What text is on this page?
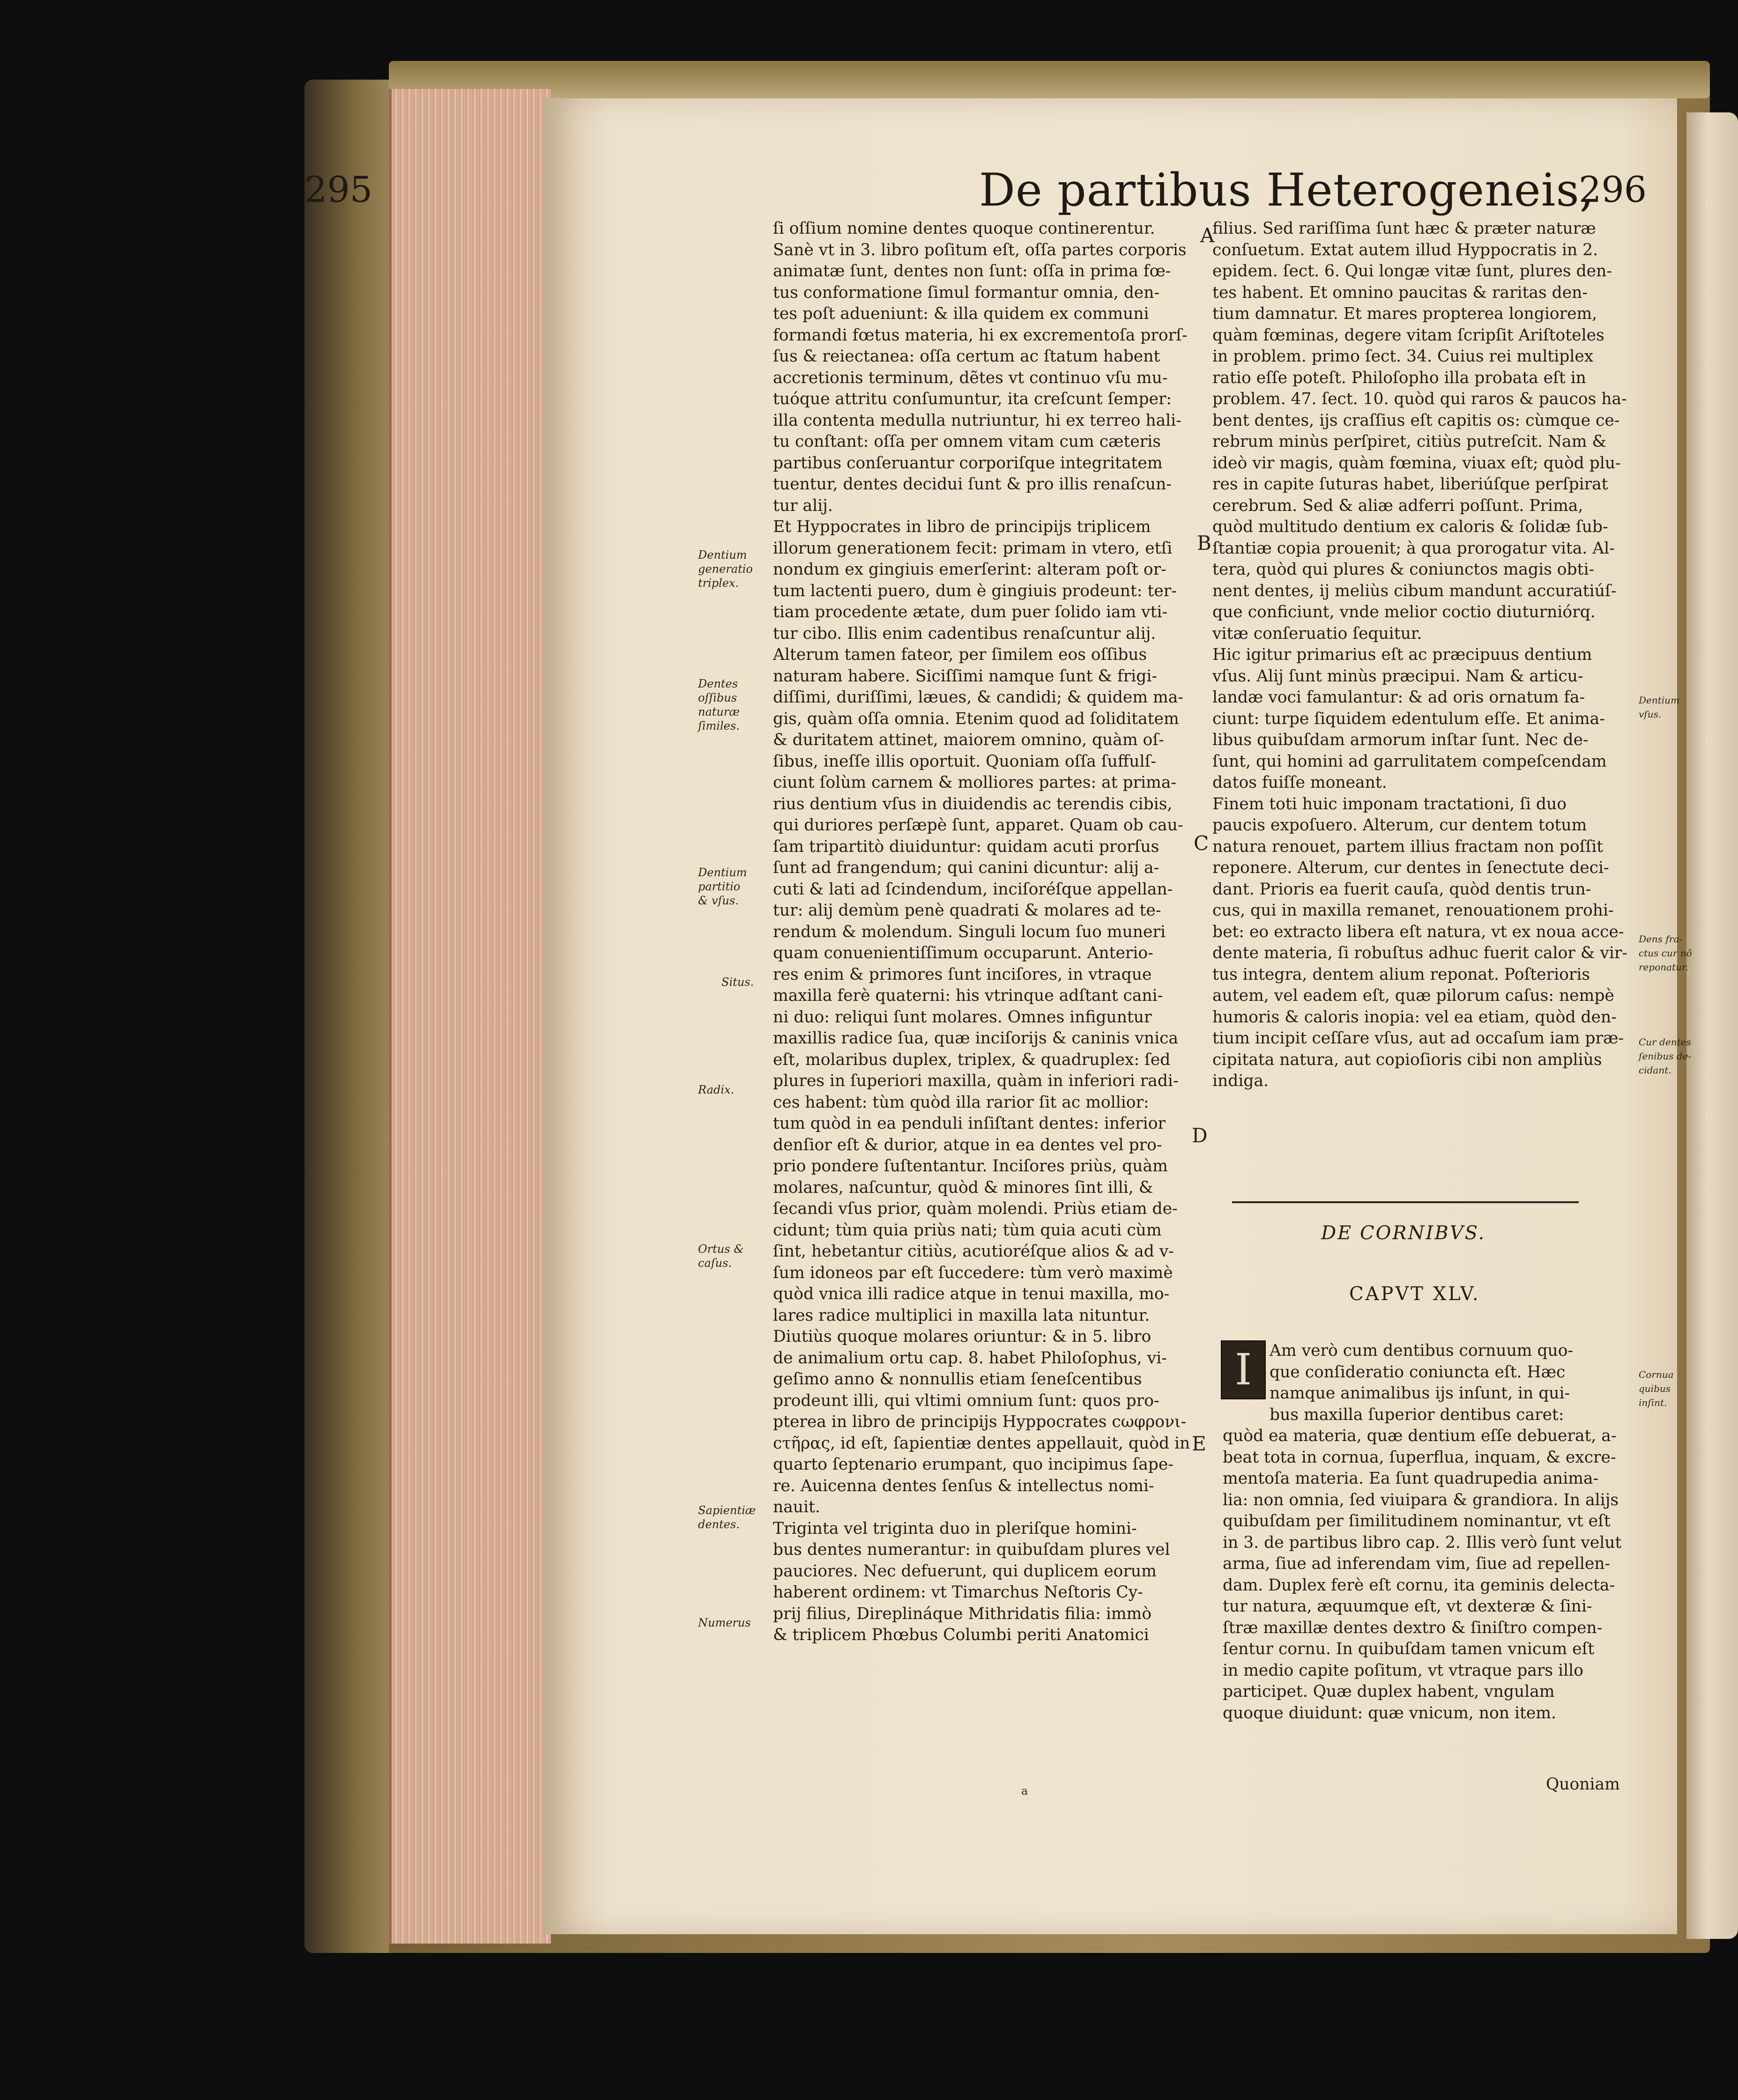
295	De partibus Heterogeneis,
296
ſi oſſium nomine dentes quoque continerentur.
Sanè vt in 3. libro poſitum eſt, oſſa partes corporis
animatæ ſunt, dentes non ſunt: oſſa in prima fœ-
tus conformatione ſimul formantur omnia, den-
tes poſt adueniunt: & illa quidem ex communi
formandi fœtus materia, hi ex excrementoſa prorſ-
ſus & reiectanea: oſſa certum ac ſtatum habent
accretionis terminum, dẽtes vt continuo vſu mu-
tuóque attritu conſumuntur, ita creſcunt ſemper:
illa contenta medulla nutriuntur, hi ex terreo hali-
tu conſtant: oſſa per omnem vitam cum cæteris
partibus conſeruantur corporiſque integritatem
tuentur, dentes decidui ſunt & pro illis renaſcun-
tur alij.
Et Hyppocrates in libro de principijs triplicem
illorum generationem fecit: primam in vtero, etſi
nondum ex gingiuis emerſerint: alteram poſt or-
tum lactenti puero, dum è gingiuis prodeunt: ter-
tiam procedente ætate, dum puer ſolido iam vti-
tur cibo. Illis enim cadentibus renaſcuntur alij.
Alterum tamen fateor, per ſimilem eos oſſibus
naturam habere. Siciſſimi namque ſunt & frigi-
diſſimi, duriſſimi, læues, & candidi; & quidem ma-
gis, quàm oſſa omnia. Etenim quod ad ſoliditatem
& duritatem attinet, maiorem omnino, quàm oſ-
ſibus, ineſſe illis oportuit. Quoniam oſſa ſuffulſ-
ciunt ſolùm carnem & molliores partes: at prima-
rius dentium vſus in diuidendis ac terendis cibis,
qui duriores perſæpè ſunt, apparet. Quam ob cau-
ſam tripartitò diuiduntur: quidam acuti prorſus
ſunt ad frangendum; qui canini dicuntur: alij a-
cuti & lati ad ſcindendum, inciſoréſque appellan-
tur: alij demùm penè quadrati & molares ad te-
rendum & molendum. Singuli locum ſuo muneri
quam conuenientiſſimum occuparunt. Anterio-
res enim & primores ſunt inciſores, in vtraque
maxilla ferè quaterni: his vtrinque adſtant cani-
ni duo: reliqui ſunt molares. Omnes infiguntur
maxillis radice ſua, quæ inciſorijs & caninis vnica
eſt, molaribus duplex, triplex, & quadruplex: ſed
plures in ſuperiori maxilla, quàm in inferiori radi-
ces habent: tùm quòd illa rarior ſit ac mollior:
tum quòd in ea penduli inſiſtant dentes: inferior
denſior eſt & durior, atque in ea dentes vel pro-
prio pondere ſuſtentantur. Inciſores priùs, quàm
molares, naſcuntur, quòd & minores ſint illi, &
ſecandi vſus prior, quàm molendi. Priùs etiam de-
cidunt; tùm quia priùs nati; tùm quia acuti cùm
ſint, hebetantur citiùs, acutioréſque alios & ad v-
ſum idoneos par eſt ſuccedere: tùm verò maximè
quòd vnica illi radice atque in tenui maxilla, mo-
lares radice multiplici in maxilla lata nituntur.
Diutiùs quoque molares oriuntur: & in 5. libro
de animalium ortu cap. 8. habet Philoſophus, vi-
geſimo anno & nonnullis etiam ſeneſcentibus
prodeunt illi, qui vltimi omnium ſunt: quos pro-
pterea in libro de principijs Hyppocrates ϲωφρονι-
ϲτῆρας, id eſt, ſapientiæ dentes appellauit, quòd in
quarto ſeptenario erumpant, quo incipimus ſape-
re. Auicenna dentes ſenſus & intellectus nomi-
nauit.
Triginta vel triginta duo in pleriſque homini-
bus dentes numerantur: in quibuſdam plures vel
pauciores. Nec defuerunt, qui duplicem eorum
haberent ordinem: vt Timarchus Neſtoris Cy-
prij filius, Direplináque Mithridatis filia: immò
& triplicem Phœbus Columbi periti Anatomici
filius. Sed rariſſima ſunt hæc & præter naturæ
conſuetum. Extat autem illud Hyppocratis in 2.
epidem. ſect. 6. Qui longæ vitæ ſunt, plures den-
tes habent. Et omnino paucitas & raritas den-
tium damnatur. Et mares propterea longiorem,
quàm fœminas, degere vitam ſcripſit Ariſtoteles
in problem. primo ſect. 34. Cuius rei multiplex
ratio eſſe poteſt. Philoſopho illa probata eſt in
problem. 47. ſect. 10. quòd qui raros & paucos ha-
bent dentes, ijs craſſius eſt capitis os: cùmque ce-
rebrum minùs perſpiret, citiùs putreſcit. Nam &
ideò vir magis, quàm fœmina, viuax eſt; quòd plu-
res in capite ſuturas habet, liberiúſque perſpirat
cerebrum. Sed & aliæ adferri poſſunt. Prima,
quòd multitudo dentium ex caloris & ſolidæ ſub-
ſtantiæ copia prouenit; à qua prorogatur vita. Al-
tera, quòd qui plures & coniunctos magis obti-
nent dentes, ij meliùs cibum mandunt accuratiúſ-
que conficiunt, vnde melior coctio diuturniórq.
vitæ conſeruatio ſequitur.
Hic igitur primarius eſt ac præcipuus dentium
vſus. Alij ſunt minùs præcipui. Nam & articu-
landæ voci famulantur: & ad oris ornatum fa-
ciunt: turpe ſiquidem edentulum eſſe. Et anima-
libus quibuſdam armorum inſtar ſunt. Nec de-
ſunt, qui homini ad garrulitatem compeſcendam
datos fuiſſe moneant.
Finem toti huic imponam tractationi, ſi duo
paucis expoſuero. Alterum, cur dentem totum
natura renouet, partem illius fractam non poſſit
reponere. Alterum, cur dentes in ſenectute deci-
dant. Prioris ea fuerit cauſa, quòd dentis trun-
cus, qui in maxilla remanet, renouationem prohi-
bet: eo extracto libera eſt natura, vt ex noua acce-
dente materia, ſi robuſtus adhuc fuerit calor & vir-
tus integra, dentem alium reponat. Poſterioris
autem, vel eadem eſt, quæ pilorum caſus: nempè
humoris & caloris inopia: vel ea etiam, quòd den-
tium incipit ceſſare vſus, aut ad occaſum iam præ-
cipitata natura, aut copioſioris cibi non ampliùs
indiga.
DE CORNIBVS.
CAPVT XLV.
I	Am verò cum dentibus cornuum quo-
que conſideratio coniuncta eſt. Hæc
namque animalibus ijs inſunt, in qui-
bus maxilla ſuperior dentibus caret:
quòd ea materia, quæ dentium eſſe debuerat, a-
beat tota in cornua, ſuperflua, inquam, & excre-
mentoſa materia. Ea ſunt quadrupedia anima-
lia: non omnia, ſed viuipara & grandiora. In alijs
quibuſdam per ſimilitudinem nominantur, vt eſt
in 3. de partibus libro cap. 2. Illis verò ſunt velut
arma, ſiue ad inferendam vim, ſiue ad repellen-
dam. Duplex ferè eſt cornu, ita geminis delecta-
tur natura, æquumque eſt, vt dexteræ & ſini-
ſtræ maxillæ dentes dextro & ſiniſtro compen-
ſentur cornu. In quibuſdam tamen vnicum eſt
in medio capite poſitum, vt vtraque pars illo
participet. Quæ duplex habent, vngulam
quoque diuidunt: quæ vnicum, non item.
Quoniam
a
Dentium
generatio
triplex.
Dentes
oſſibus
naturæ
ſimiles.
Dentium
partitio
& vſus.
Situs.
Radix.
Ortus &
caſus.
Sapientiæ
dentes.
Numerus
Dentium
vſus.
Dens fra-
ctus cur nõ
reponatur.
Cur dentes
ſenibus de-
cidant.
Cornua
quibus
inſint.
A
B
C
D
E
